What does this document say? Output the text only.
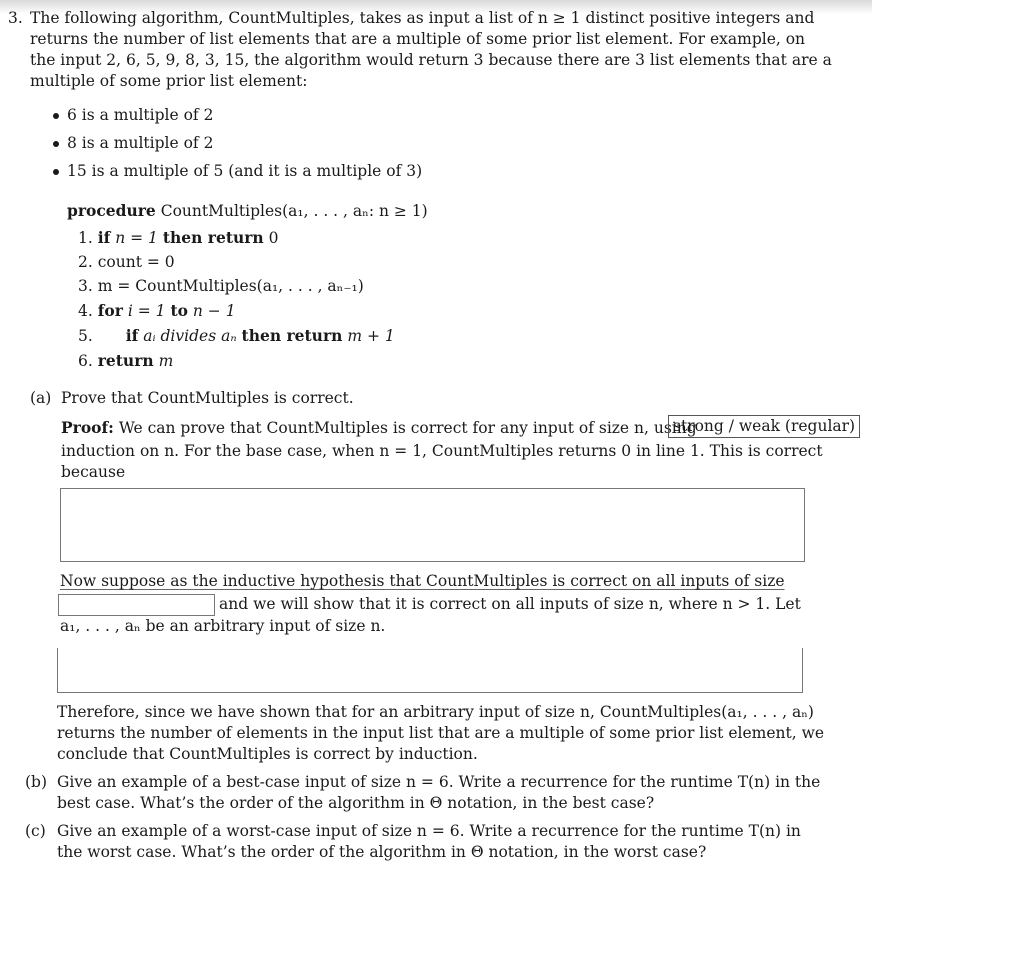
3. The following algorithm, CountMultiples, takes as input a list of n ≥ 1 distinct positive integers and
returns the number of list elements that are a multiple of some prior list element. For example, on
the input 2, 6, 5, 9, 8, 3, 15, the algorithm would return 3 because there are 3 list elements that are a
multiple of some prior list element:
6 is a multiple of 2
8 is a multiple of 2
15 is a multiple of 5 (and it is a multiple of 3)
procedure CountMultiples(a₁, . . . , aₙ: n ≥ 1)
1. if n = 1 then return 0
2. count = 0
3. m = CountMultiples(a₁, . . . , aₙ₋₁)
4. for i = 1 to n − 1
5. if aᵢ divides aₙ then return m + 1
6. return m
(a) Prove that CountMultiples is correct.
Proof: We can prove that CountMultiples is correct for any input of size n, using
strong / weak (regular)
induction on n. For the base case, when n = 1, CountMultiples returns 0 in line 1. This is correct
because
Now suppose as the inductive hypothesis that CountMultiples is correct on all inputs of size
and we will show that it is correct on all inputs of size n, where n > 1. Let
a₁, . . . , aₙ be an arbitrary input of size n.
Therefore, since we have shown that for an arbitrary input of size n, CountMultiples(a₁, . . . , aₙ)
returns the number of elements in the input list that are a multiple of some prior list element, we
conclude that CountMultiples is correct by induction.
(b) Give an example of a best-case input of size n = 6. Write a recurrence for the runtime T(n) in the
best case. What’s the order of the algorithm in Θ notation, in the best case?
(c) Give an example of a worst-case input of size n = 6. Write a recurrence for the runtime T(n) in
the worst case. What’s the order of the algorithm in Θ notation, in the worst case?
